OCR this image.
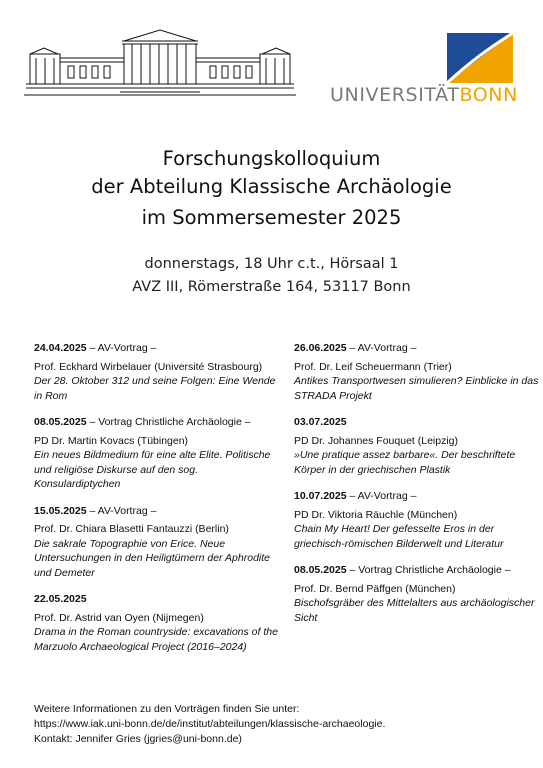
UNIVERSITÄTBONN
Forschungskolloquium
der Abteilung Klassische Archäologie
im Sommersemester 2025
donnerstags, 18 Uhr c.t., Hörsaal 1
AVZ III, Römerstraße 164, 53117 Bonn
24.04.2025 – AV-Vortrag –
Prof. Eckhard Wirbelauer (Université Strasbourg)
Der 28. Oktober 312 und seine Folgen: Eine Wende in Rom
08.05.2025 – Vortrag Christliche Archäologie –
PD Dr. Martin Kovacs (Tübingen)
Ein neues Bildmedium für eine alte Elite. Politische und religiöse Diskurse auf den sog. Konsulardiptychen
15.05.2025 – AV-Vortrag –
Prof. Dr. Chiara Blasetti Fantauzzi (Berlin)
Die sakrale Topographie von Erice. Neue Untersuchungen in den Heiligtümern der Aphrodite und Demeter
22.05.2025
Prof. Dr. Astrid van Oyen (Nijmegen)
Drama in the Roman countryside: excavations of the Marzuolo Archaeological Project (2016–2024)
26.06.2025 – AV-Vortrag –
Prof. Dr. Leif Scheuermann (Trier)
Antikes Transportwesen simulieren? Einblicke in das STRADA Projekt
03.07.2025
PD Dr. Johannes Fouquet (Leipzig)
»Une pratique assez barbare«. Der beschriftete Körper in der griechischen Plastik
10.07.2025 – AV-Vortrag –
PD Dr. Viktoria Räuchle (München)
Chain My Heart! Der gefesselte Eros in der griechisch-römischen Bilderwelt und Literatur
08.05.2025 – Vortrag Christliche Archäologie –
Prof. Dr. Bernd Päffgen (München)
Bischofsgräber des Mittelalters aus archäologischer Sicht
Weitere Informationen zu den Vorträgen finden Sie unter:
https://www.iak.uni-bonn.de/de/institut/abteilungen/klassische-archaeologie.
Kontakt: Jennifer Gries (jgries@uni-bonn.de)
